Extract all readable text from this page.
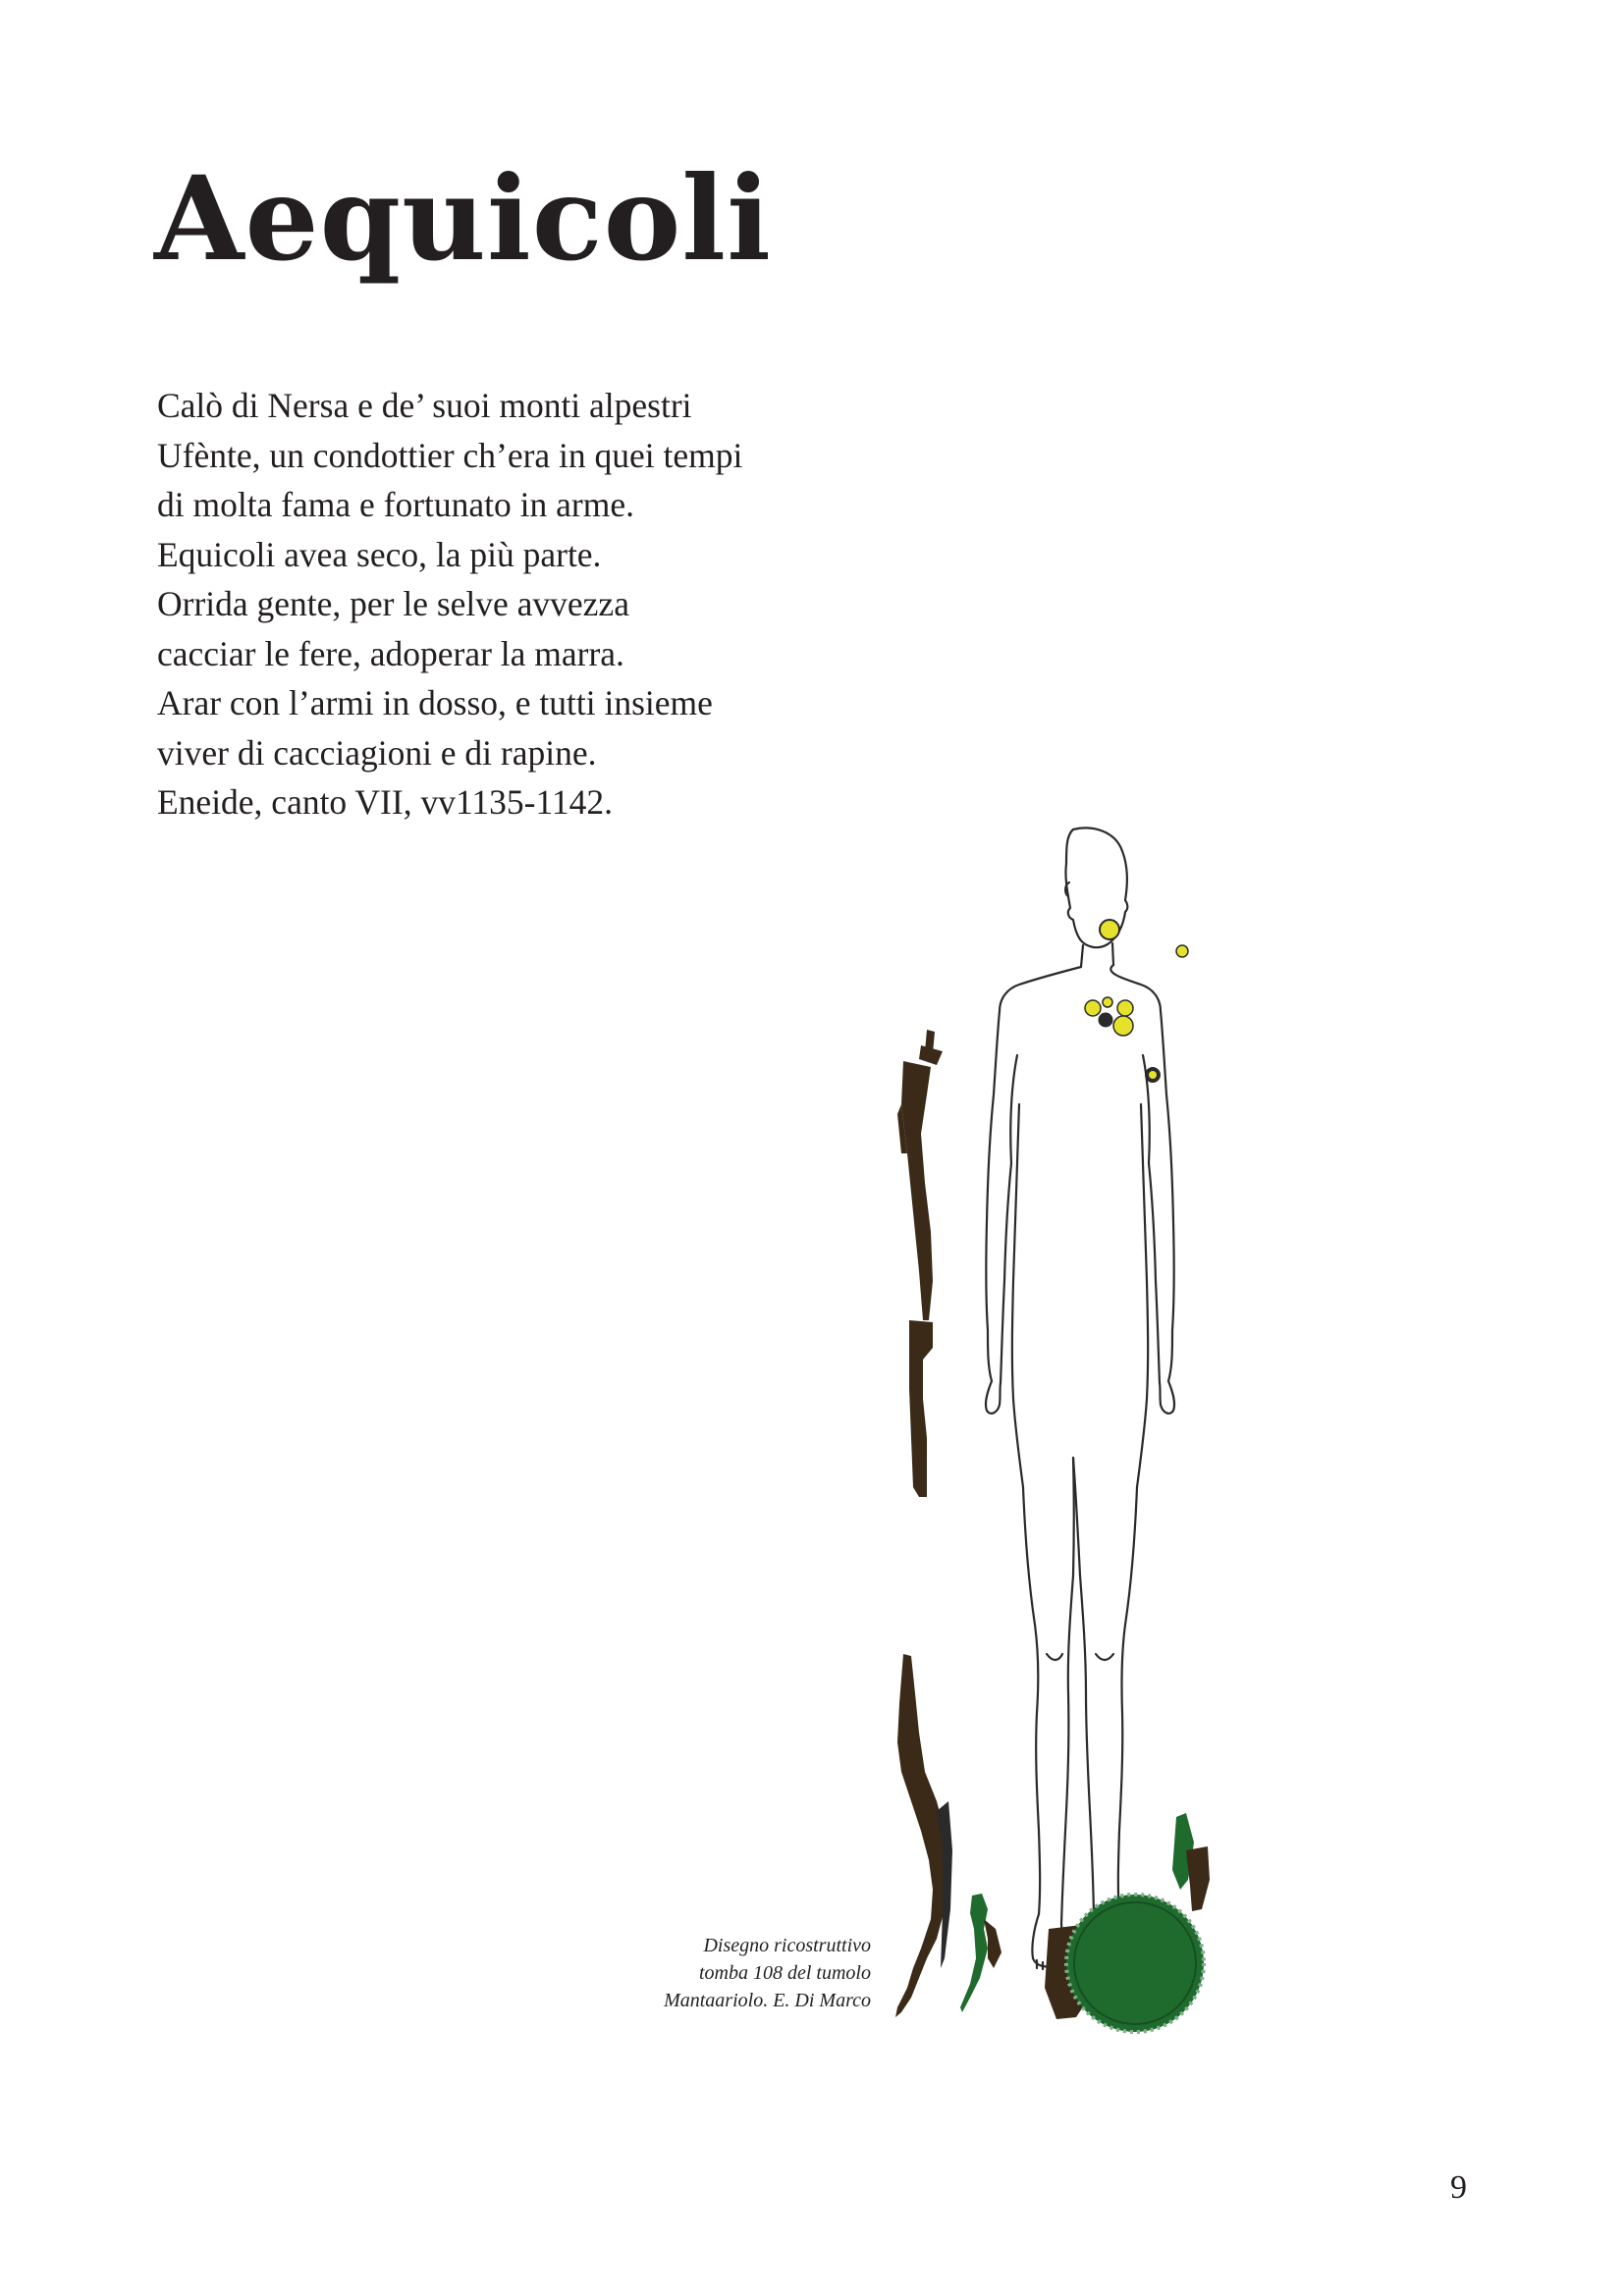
Aequicoli
Calò di Nersa e de’ suoi monti alpestri
Ufènte, un condottier ch’era in quei tempi
di molta fama e fortunato in arme.
Equicoli avea seco, la più parte.
Orrida gente, per le selve avvezza
cacciar le fere, adoperar la marra.
Arar con l’armi in dosso, e tutti insieme
viver di cacciagioni e di rapine.
Eneide, canto VII, vv1135-1142.
Disegno ricostruttivo
tomba 108 del tumolo
Mantaariolo. E. Di Marco
9
